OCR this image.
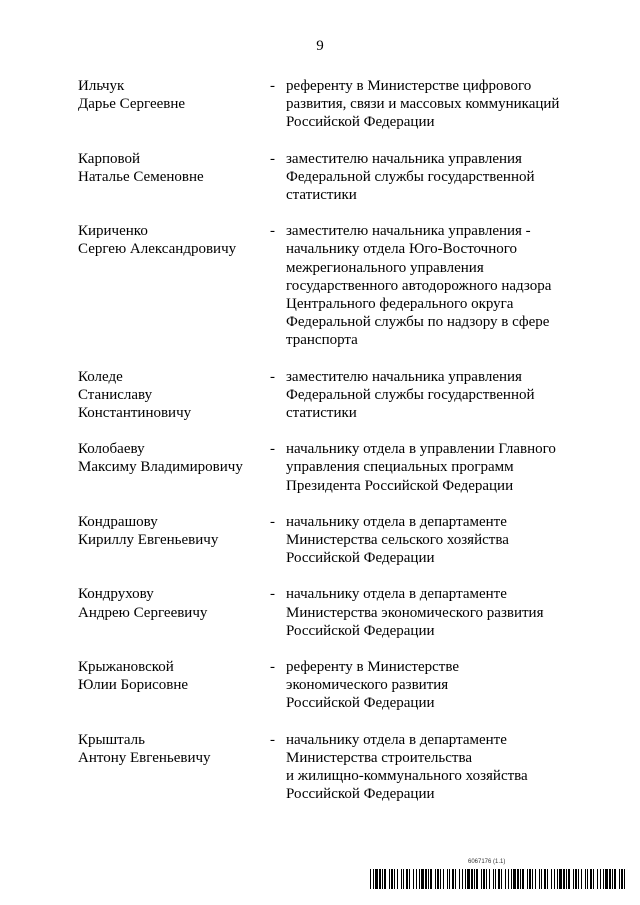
9
Ильчук
Дарье Сергеевне
- референту в Министерстве цифрового
развития, связи и массовых коммуникаций
Российской Федерации
Карповой
Наталье Семеновне
- заместителю начальника управления
Федеральной службы государственной
статистики
Кириченко
Сергею Александровичу
- заместителю начальника управления -
начальнику отдела Юго-Восточного
межрегионального управления
государственного автодорожного надзора
Центрального федерального округа
Федеральной службы по надзору в сфере
транспорта
Коледе
Станиславу
Константиновичу
- заместителю начальника управления
Федеральной службы государственной
статистики
Колобаеву
Максиму Владимировичу
- начальнику отдела в управлении Главного
управления специальных программ
Президента Российской Федерации
Кондрашову
Кириллу Евгеньевичу
- начальнику отдела в департаменте
Министерства сельского хозяйства
Российской Федерации
Кондрухову
Андрею Сергеевичу
- начальнику отдела в департаменте
Министерства экономического развития
Российской Федерации
Крыжановской
Юлии Борисовне
- референту в Министерстве
экономического развития
Российской Федерации
Крышталь
Антону Евгеньевичу
- начальнику отдела в департаменте
Министерства строительства
и жилищно-коммунального хозяйства
Российской Федерации
6067176 (1.1)
